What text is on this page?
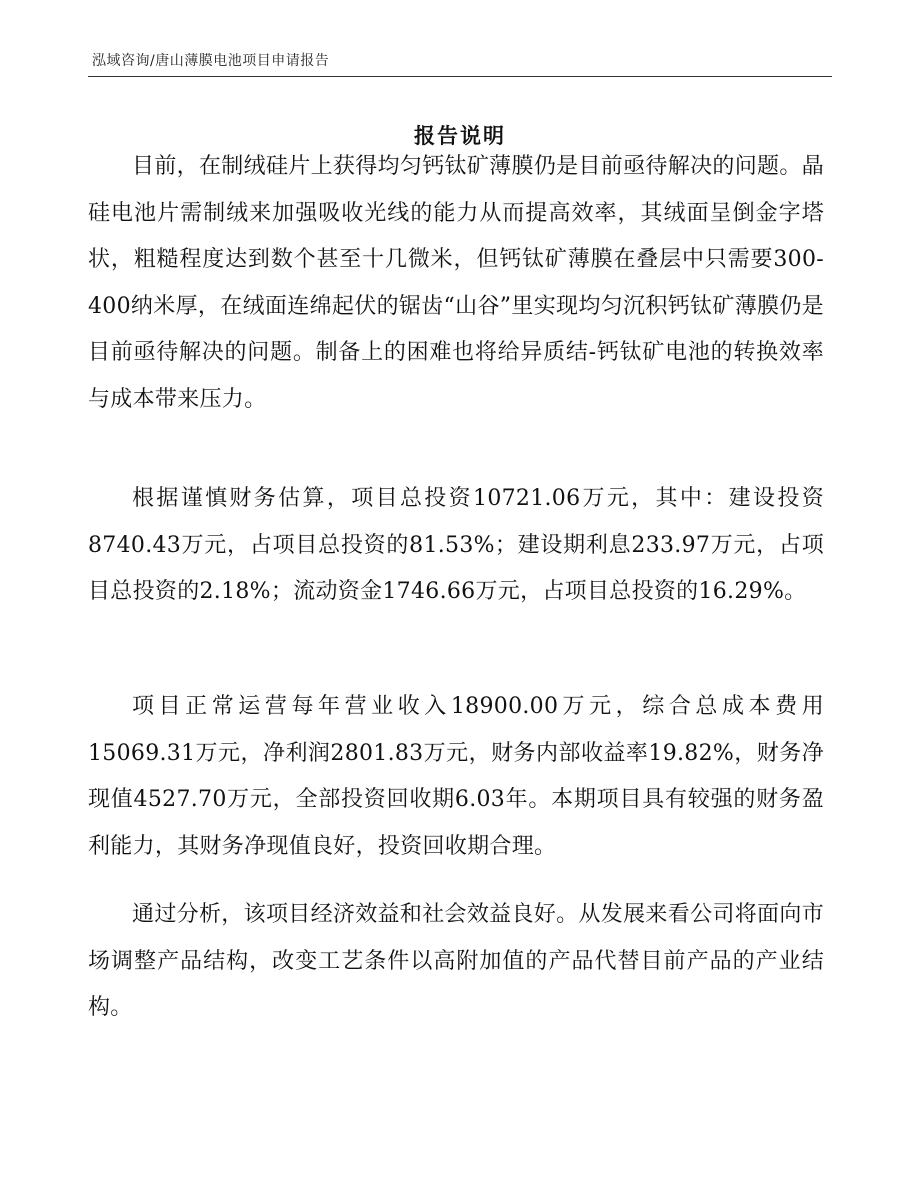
泓域咨询/唐山薄膜电池项目申请报告
报告说明

目前，在制绒硅片上获得均匀钙钛矿薄膜仍是目前亟待解决的问题。晶硅电池片需制绒来加强吸收光线的能力从而提高效率，其绒面呈倒金字塔状，粗糙程度达到数个甚至十几微米，但钙钛矿薄膜在叠层中只需要300-400纳米厚，在绒面连绵起伏的锯齿“山谷”里实现均匀沉积钙钛矿薄膜仍是目前亟待解决的问题。制备上的困难也将给异质结-钙钛矿电池的转换效率与成本带来压力。

根据谨慎财务估算，项目总投资10721.06万元，其中：建设投资8740.43万元，占项目总投资的81.53%；建设期利息233.97万元，占项目总投资的2.18%；流动资金1746.66万元，占项目总投资的16.29%。

项目正常运营每年营业收入18900.00万元，综合总成本费用15069.31万元，净利润2801.83万元，财务内部收益率19.82%，财务净现值4527.70万元，全部投资回收期6.03年。本期项目具有较强的财务盈利能力，其财务净现值良好，投资回收期合理。

通过分析，该项目经济效益和社会效益良好。从发展来看公司将面向市场调整产品结构，改变工艺条件以高附加值的产品代替目前产品的产业结构。
